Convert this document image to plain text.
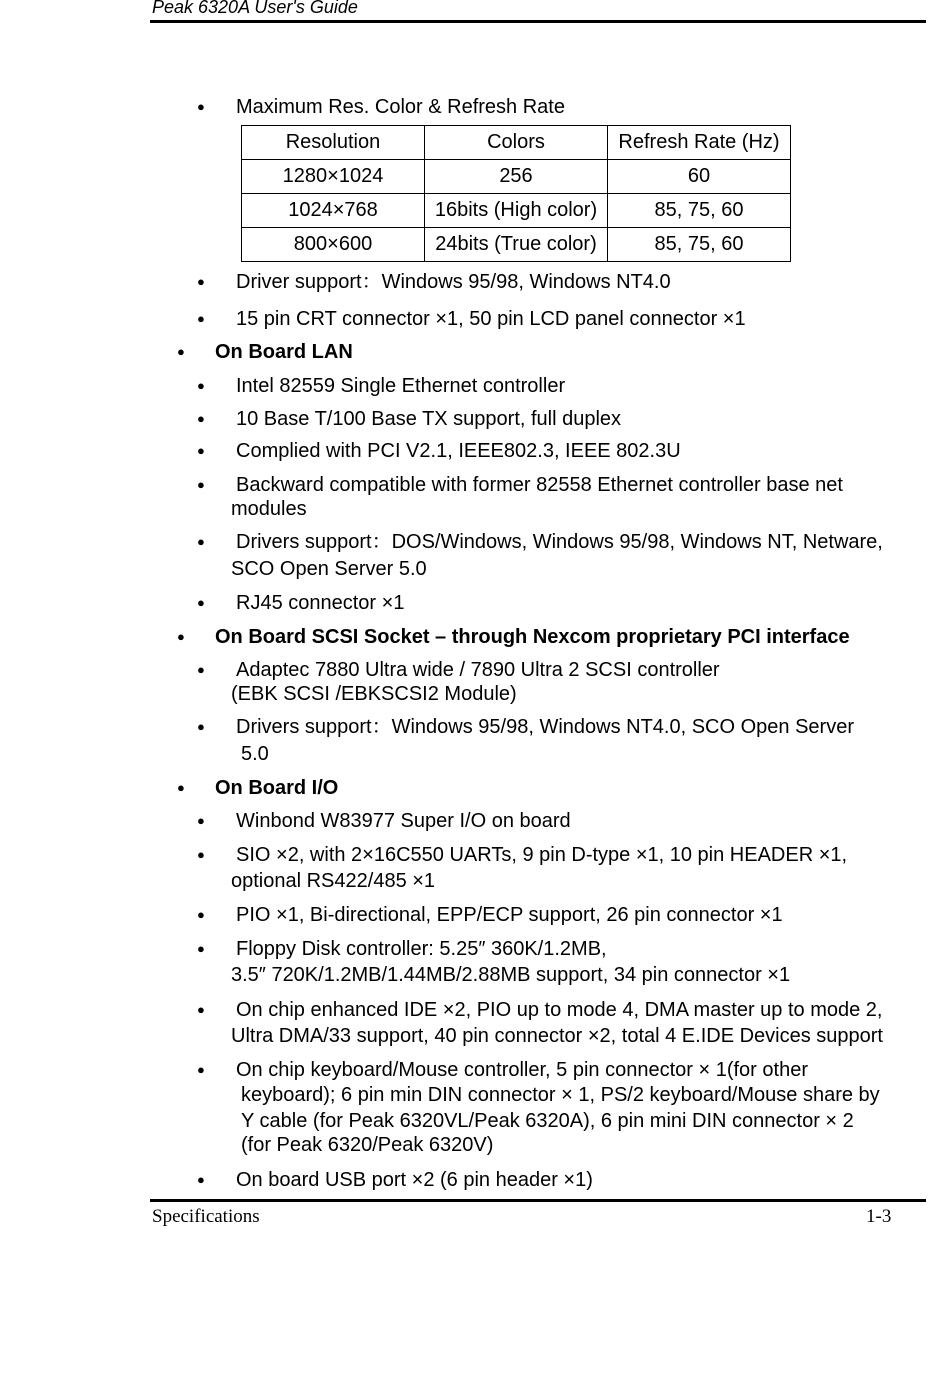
Peak 6320A User's Guide
● Maximum Res. Color & Refresh Rate
Resolution	Colors	Refresh Rate (Hz)
1280×1024	256	60
1024×768	16bits (High color)	85, 75, 60
800×600	24bits (True color)	85, 75, 60
● Driver support：Windows 95/98, Windows NT4.0
● 15 pin CRT connector ×1, 50 pin LCD panel connector ×1
● On Board LAN
● Intel 82559 Single Ethernet controller
● 10 Base T/100 Base TX support, full duplex
● Complied with PCI V2.1, IEEE802.3, IEEE 802.3U
● Backward compatible with former 82558 Ethernet controller base net
modules
● Drivers support：DOS/Windows, Windows 95/98, Windows NT, Netware,
SCO Open Server 5.0
● RJ45 connector ×1
● On Board SCSI Socket – through Nexcom proprietary PCI interface
● Adaptec 7880 Ultra wide / 7890 Ultra 2 SCSI controller
(EBK SCSI /EBKSCSI2 Module)
● Drivers support：Windows 95/98, Windows NT4.0, SCO Open Server
5.0
● On Board I/O
● Winbond W83977 Super I/O on board
● SIO ×2, with 2×16C550 UARTs, 9 pin D-type ×1, 10 pin HEADER ×1,
optional RS422/485 ×1
● PIO ×1, Bi-directional, EPP/ECP support, 26 pin connector ×1
● Floppy Disk controller: 5.25″ 360K/1.2MB,
3.5″ 720K/1.2MB/1.44MB/2.88MB support, 34 pin connector ×1
● On chip enhanced IDE ×2, PIO up to mode 4, DMA master up to mode 2,
Ultra DMA/33 support, 40 pin connector ×2, total 4 E.IDE Devices support
● On chip keyboard/Mouse controller, 5 pin connector × 1(for other
keyboard); 6 pin min DIN connector × 1, PS/2 keyboard/Mouse share by
Y cable (for Peak 6320VL/Peak 6320A), 6 pin mini DIN connector × 2
(for Peak 6320/Peak 6320V)
● On board USB port ×2 (6 pin header ×1)
Specifications	1-3
